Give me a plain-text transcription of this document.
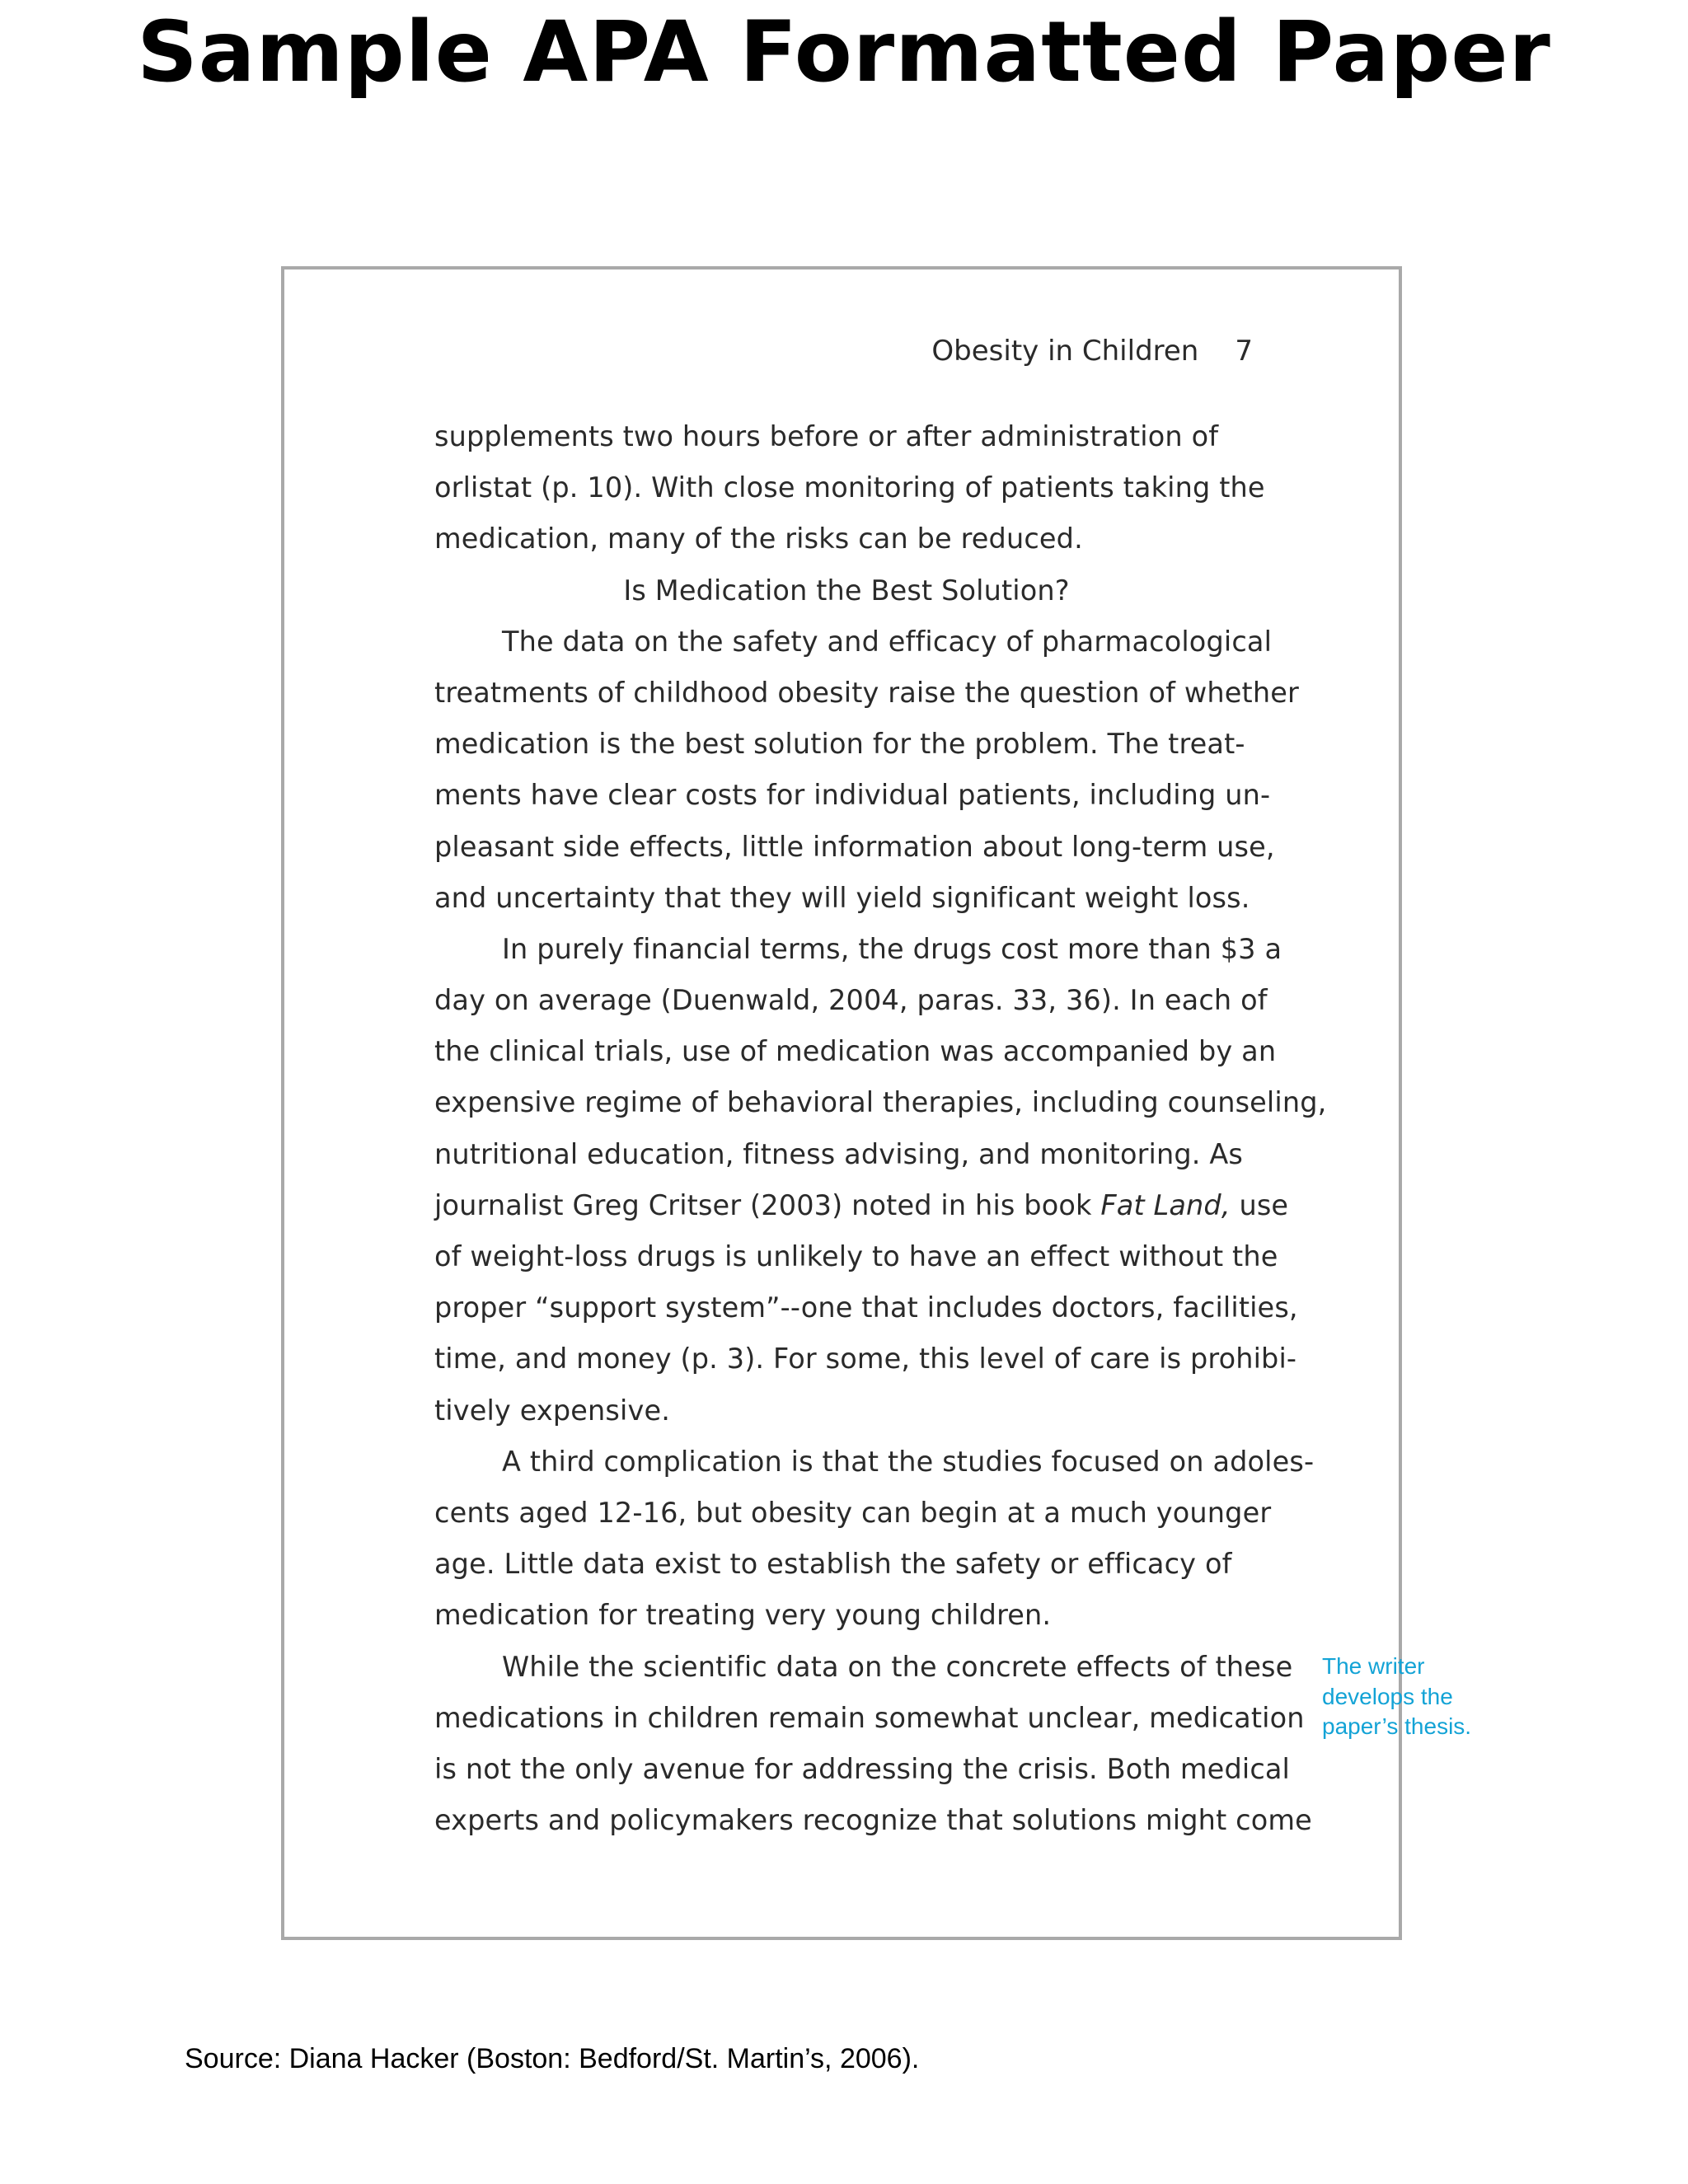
Sample APA Formatted Paper
Obesity in Children 7
supplements two hours before or after administration of
orlistat (p. 10). With close monitoring of patients taking the
medication, many of the risks can be reduced.
Is Medication the Best Solution?
The data on the safety and efficacy of pharmacological
treatments of childhood obesity raise the question of whether
medication is the best solution for the problem. The treat-
ments have clear costs for individual patients, including un-
pleasant side effects, little information about long-term use,
and uncertainty that they will yield significant weight loss.
In purely financial terms, the drugs cost more than $3 a
day on average (Duenwald, 2004, paras. 33, 36). In each of
the clinical trials, use of medication was accompanied by an
expensive regime of behavioral therapies, including counseling,
nutritional education, fitness advising, and monitoring. As
journalist Greg Critser (2003) noted in his book Fat Land, use
of weight-loss drugs is unlikely to have an effect without the
proper “support system”--one that includes doctors, facilities,
time, and money (p. 3). For some, this level of care is prohibi-
tively expensive.
A third complication is that the studies focused on adoles-
cents aged 12-16, but obesity can begin at a much younger
age. Little data exist to establish the safety or efficacy of
medication for treating very young children.
While the scientific data on the concrete effects of these
medications in children remain somewhat unclear, medication
is not the only avenue for addressing the crisis. Both medical
experts and policymakers recognize that solutions might come
The writer
develops the
paper’s thesis.
Source: Diana Hacker (Boston: Bedford/St. Martin’s, 2006).
